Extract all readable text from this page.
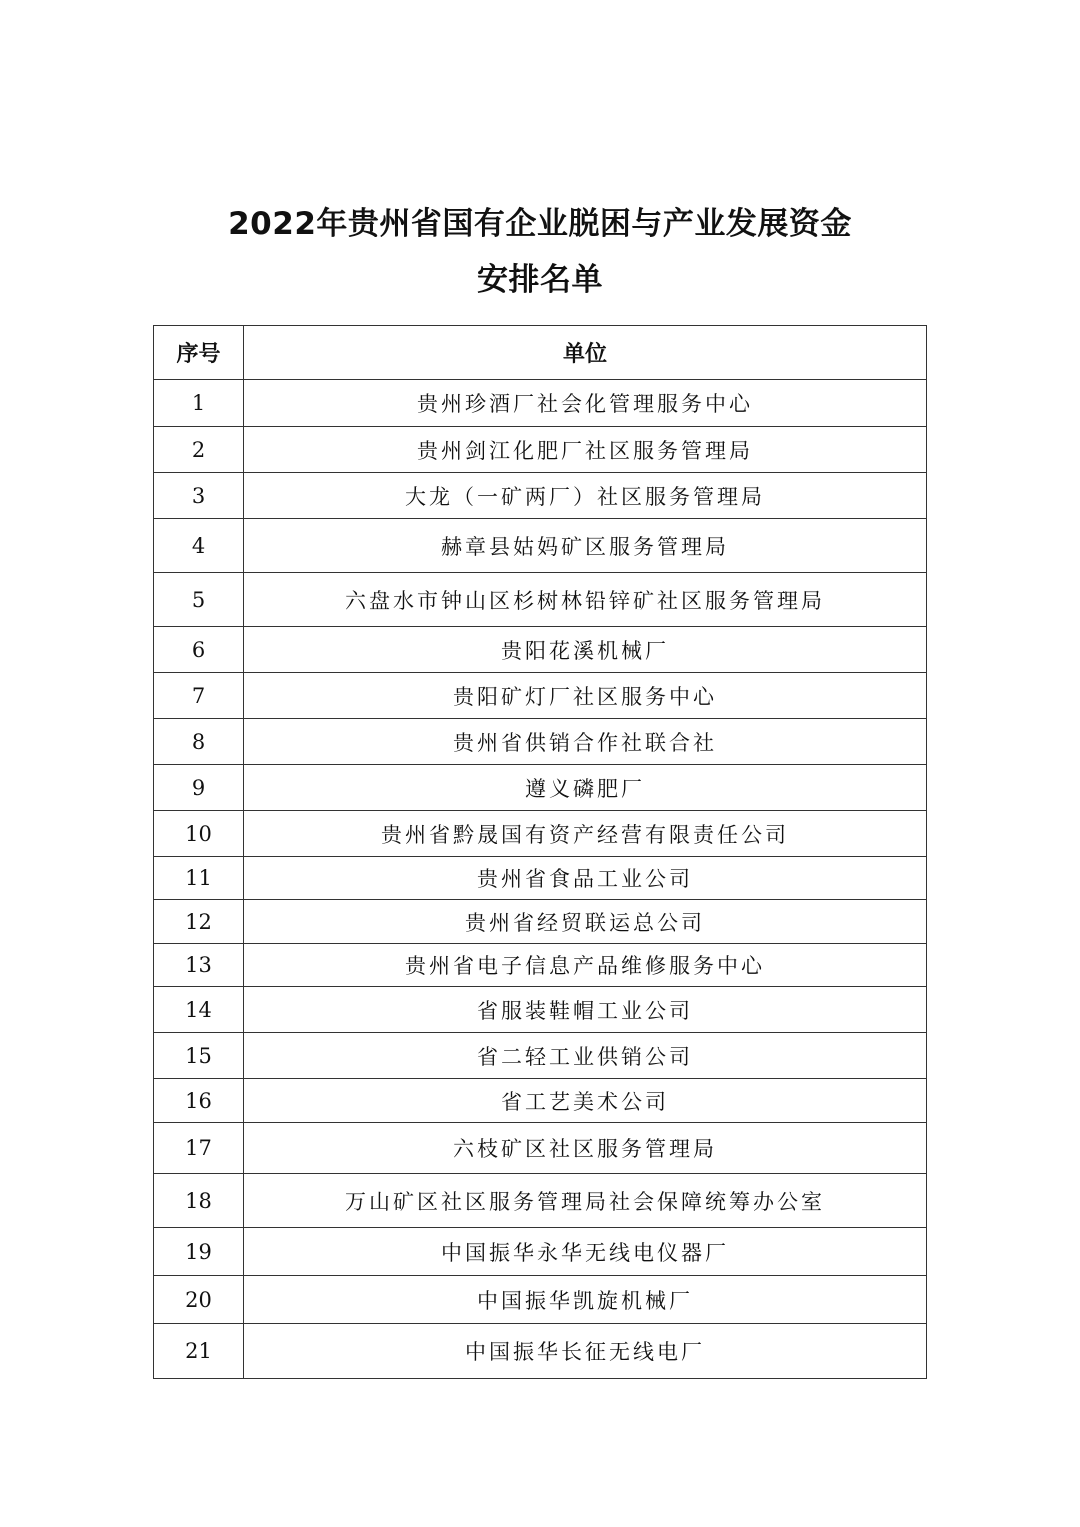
2022年贵州省国有企业脱困与产业发展资金
安排名单
序号	单位
1	贵州珍酒厂社会化管理服务中心
2	贵州剑江化肥厂社区服务管理局
3	大龙（一矿两厂）社区服务管理局
4	赫章县姑妈矿区服务管理局
5	六盘水市钟山区杉树林铅锌矿社区服务管理局
6	贵阳花溪机械厂
7	贵阳矿灯厂社区服务中心
8	贵州省供销合作社联合社
9	遵义磷肥厂
10	贵州省黔晟国有资产经营有限责任公司
11	贵州省食品工业公司
12	贵州省经贸联运总公司
13	贵州省电子信息产品维修服务中心
14	省服装鞋帽工业公司
15	省二轻工业供销公司
16	省工艺美术公司
17	六枝矿区社区服务管理局
18	万山矿区社区服务管理局社会保障统筹办公室
19	中国振华永华无线电仪器厂
20	中国振华凯旋机械厂
21	中国振华长征无线电厂
